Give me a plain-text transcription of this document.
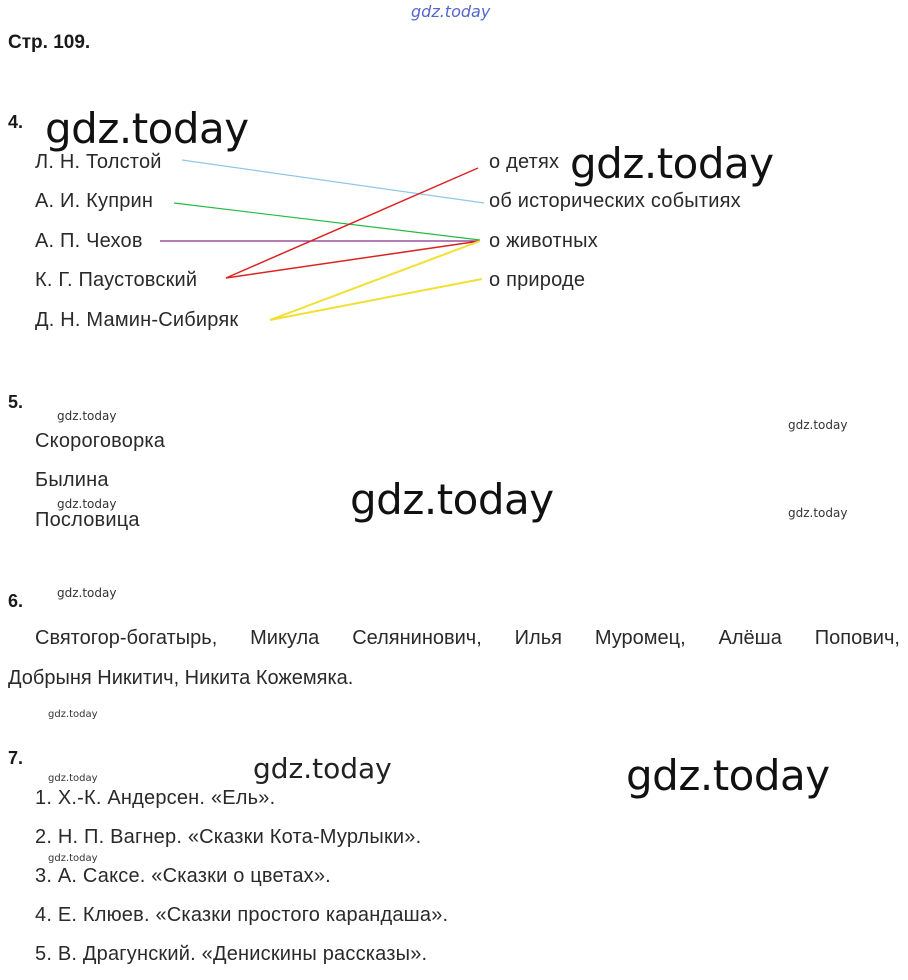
gdz.today
Стр. 109.
4. gdz.today
Л. Н. Толстой
А. И. Куприн
А. П. Чехов
К. Г. Паустовский
Д. Н. Мамин-Сибиряк
о детях
об исторических событиях
о животных
о природе
gdz.today
5.
gdz.today
gdz.today
Скороговорка
Былина
gdz.today
Пословица	gdz.today	gdz.today
6.	gdz.today
Святогор-богатырь, Микула Селянинович, Илья Муромец, Алёша Попович,
Добрыня Никитич, Никита Кожемяка.
gdz.today
7.	gdz.today	gdz.today
gdz.today
1. Х.-К. Андерсен. «Ель».
2. Н. П. Вагнер. «Сказки Кота-Мурлыки».
gdz.today
3. А. Саксе. «Сказки о цветах».
4. Е. Клюев. «Сказки простого карандаша».
5. В. Драгунский. «Денискины рассказы».
